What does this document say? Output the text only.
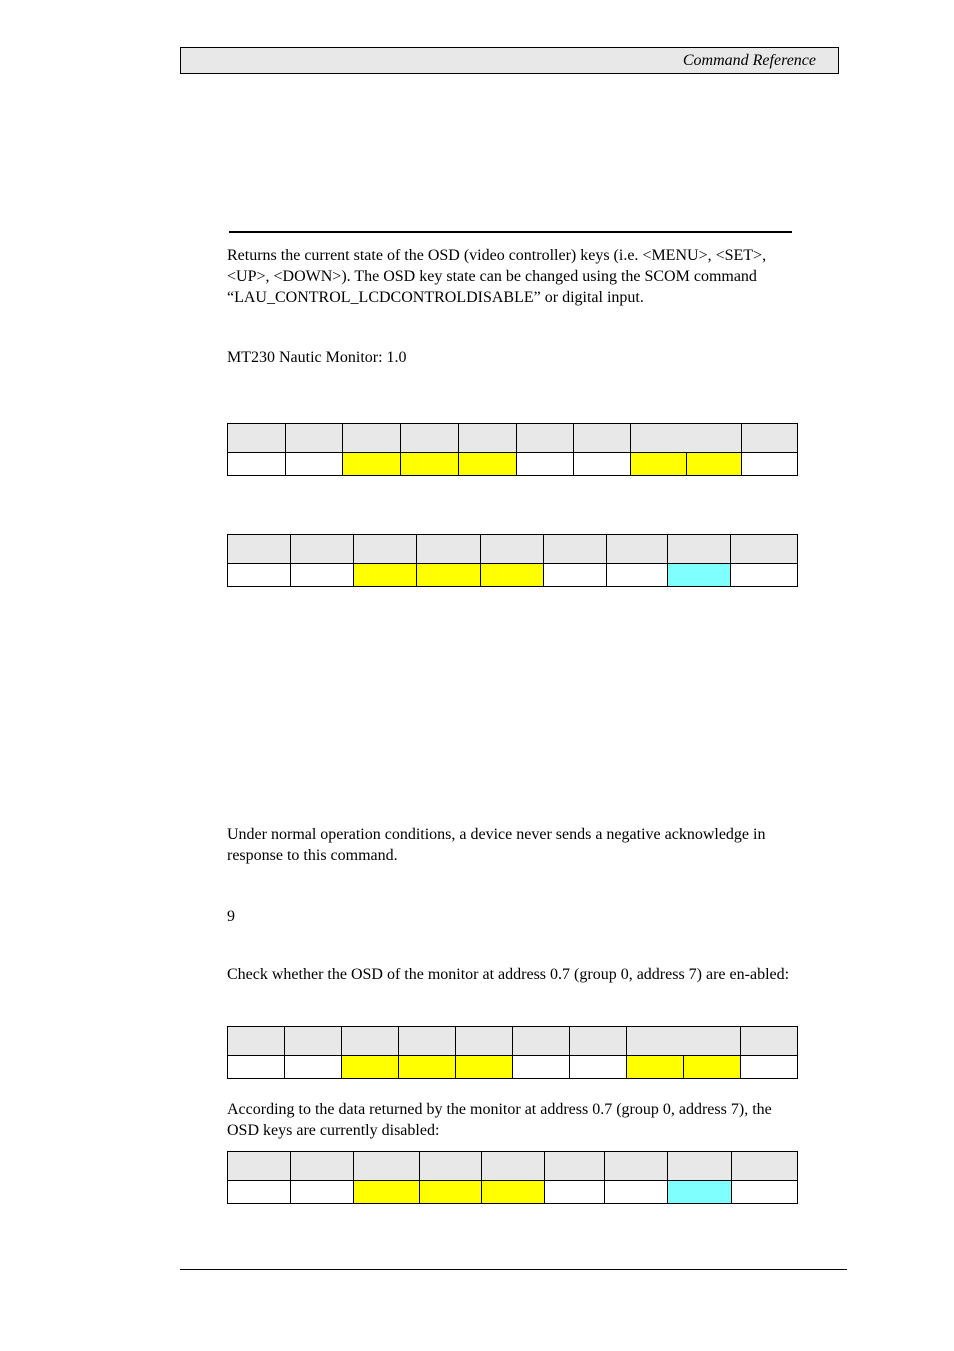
Command Reference

Returns the current state of the OSD (video controller) keys (i.e. <MENU>, <SET>, <UP>, <DOWN>). The OSD key state can be changed using the SCOM command “LAU_CONTROL_LCDCONTROLDISABLE” or digital input.

MT230 Nautic Monitor: 1.0

Under normal operation conditions, a device never sends a negative acknowledge in response to this command.

9

Check whether the OSD of the monitor at address 0.7 (group 0, address 7) are en-abled:

According to the data returned by the monitor at address 0.7 (group 0, address 7), the OSD keys are currently disabled:
